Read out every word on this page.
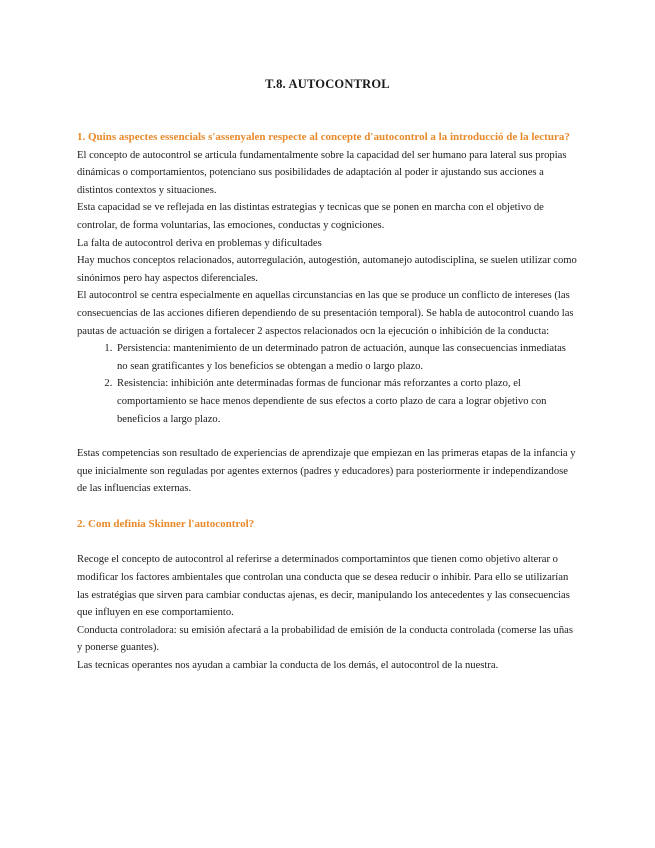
T.8. AUTOCONTROL

1. Quins aspectes essencials s'assenyalen respecte al concepte d'autocontrol a la introducció de la lectura?

El concepto de autocontrol se articula fundamentalmente sobre la capacidad del ser humano para lateral sus propias dinámicas o comportamientos, potenciano sus posibilidades de adaptación al poder ir ajustando sus acciones a distintos contextos y situaciones.

Esta capacidad se ve reflejada en las distintas estrategias y tecnicas que se ponen en marcha con el objetivo de controlar, de forma voluntarias, las emociones, conductas y cogniciones.

La falta de autocontrol deriva en problemas y dificultades

Hay muchos conceptos relacionados, autorregulación, autogestión, automanejo autodisciplina, se suelen utilizar como sinónimos pero hay aspectos diferenciales.

El autocontrol se centra especialmente en aquellas circunstancias en las que se produce un conflicto de intereses (las consecuencias de las acciones difieren dependiendo de su presentación temporal). Se habla de autocontrol cuando las pautas de actuación se dirigen a fortalecer 2 aspectos relacionados ocn la ejecución o inhibición de la conducta:

1. Persistencia: mantenimiento de un determinado patron de actuación, aunque las consecuencias inmediatas no sean gratificantes y los beneficios se obtengan a medio o largo plazo.
2. Resistencia: inhibición ante determinadas formas de funcionar más reforzantes a corto plazo, el comportamiento se hace menos dependiente de sus efectos a corto plazo de cara a lograr objetivo con beneficios a largo plazo.

Estas competencias son resultado de experiencias de aprendizaje que empiezan en las primeras etapas de la infancia y que inicialmente son reguladas por agentes externos (padres y educadores) para posteriormente ir independizandose de las influencias externas.

2. Com definia Skinner l'autocontrol?

Recoge el concepto de autocontrol al referirse a determinados comportamintos que tienen como objetivo alterar o modificar los factores ambientales que controlan una conducta que se desea reducir o inhibir. Para ello se utilizarían las estratégias que sirven para cambiar conductas ajenas, es decir, manipulando los antecedentes y las consecuencias que influyen en ese comportamiento.

Conducta controladora: su emisión afectará a la probabilidad de emisión de la conducta controlada (comerse las uñas y ponerse guantes).

Las tecnicas operantes nos ayudan a cambiar la conducta de los demás, el autocontrol de la nuestra.
